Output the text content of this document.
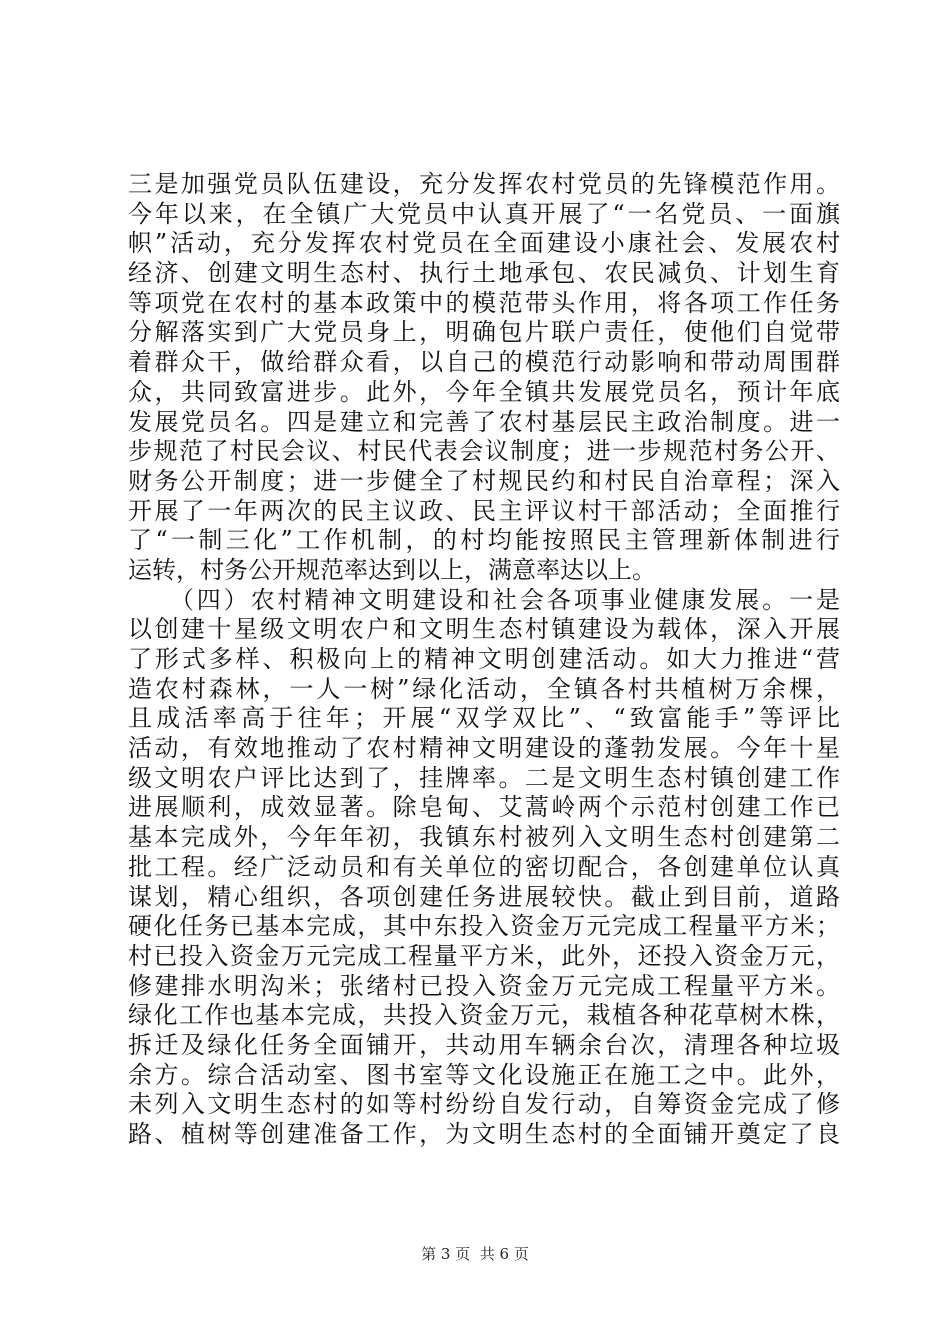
三是加强党员队伍建设，充分发挥农村党员的先锋模范作用。
今年以来，在全镇广大党员中认真开展了“一名党员、一面旗
帜”活动，充分发挥农村党员在全面建设小康社会、发展农村
经济、创建文明生态村、执行土地承包、农民减负、计划生育
等项党在农村的基本政策中的模范带头作用，将各项工作任务
分解落实到广大党员身上，明确包片联户责任，使他们自觉带
着群众干，做给群众看，以自己的模范行动影响和带动周围群
众，共同致富进步。此外，今年全镇共发展党员名，预计年底
发展党员名。四是建立和完善了农村基层民主政治制度。进一
步规范了村民会议、村民代表会议制度；进一步规范村务公开、
财务公开制度；进一步健全了村规民约和村民自治章程；深入
开展了一年两次的民主议政、民主评议村干部活动；全面推行
了“一制三化”工作机制，的村均能按照民主管理新体制进行
运转，村务公开规范率达到以上，满意率达以上。
　　（四）农村精神文明建设和社会各项事业健康发展。一是
以创建十星级文明农户和文明生态村镇建设为载体，深入开展
了形式多样、积极向上的精神文明创建活动。如大力推进“营
造农村森林，一人一树”绿化活动，全镇各村共植树万余棵，
且成活率高于往年；开展“双学双比”、“致富能手”等评比
活动，有效地推动了农村精神文明建设的蓬勃发展。今年十星
级文明农户评比达到了，挂牌率。二是文明生态村镇创建工作
进展顺利，成效显著。除皂甸、艾蒿岭两个示范村创建工作已
基本完成外，今年年初，我镇东村被列入文明生态村创建第二
批工程。经广泛动员和有关单位的密切配合，各创建单位认真
谋划，精心组织，各项创建任务进展较快。截止到目前，道路
硬化任务已基本完成，其中东投入资金万元完成工程量平方米；
村已投入资金万元完成工程量平方米，此外，还投入资金万元，
修建排水明沟米；张绪村已投入资金万元完成工程量平方米。
绿化工作也基本完成，共投入资金万元，栽植各种花草树木株，
拆迁及绿化任务全面铺开，共动用车辆余台次，清理各种垃圾
余方。综合活动室、图书室等文化设施正在施工之中。此外，
未列入文明生态村的如等村纷纷自发行动，自筹资金完成了修
路、植树等创建准备工作，为文明生态村的全面铺开奠定了良
第 3 页  共 6 页
